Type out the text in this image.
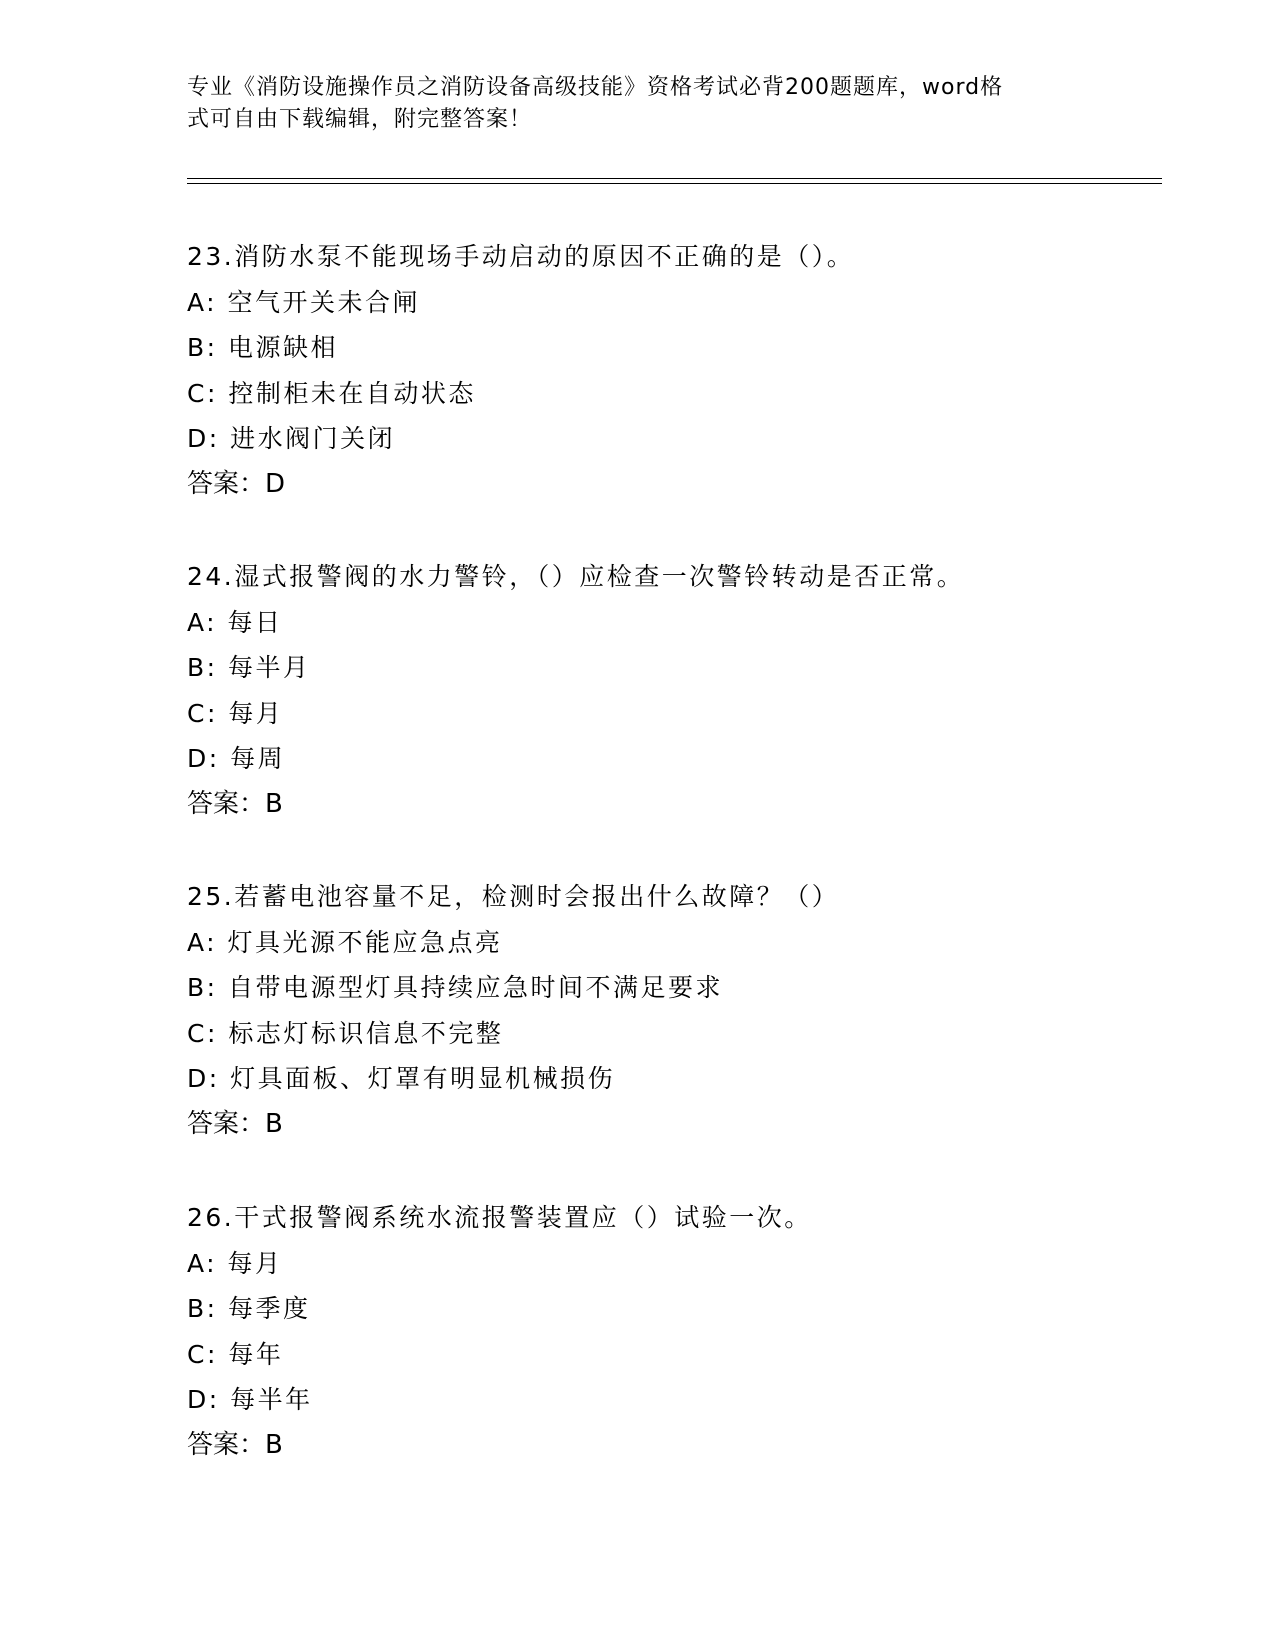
专业《消防设施操作员之消防设备高级技能》资格考试必背200题题库，word格
式可自由下载编辑，附完整答案！
23.消防水泵不能现场手动启动的原因不正确的是（）。
A: 空气开关未合闸
B: 电源缺相
C: 控制柜未在自动状态
D: 进水阀门关闭
答案：D
24.湿式报警阀的水力警铃，（）应检查一次警铃转动是否正常。
A: 每日
B: 每半月
C: 每月
D: 每周
答案：B
25.若蓄电池容量不足，检测时会报出什么故障？（）
A: 灯具光源不能应急点亮
B: 自带电源型灯具持续应急时间不满足要求
C: 标志灯标识信息不完整
D: 灯具面板、灯罩有明显机械损伤
答案：B
26.干式报警阀系统水流报警装置应（）试验一次。
A: 每月
B: 每季度
C: 每年
D: 每半年
答案：B
